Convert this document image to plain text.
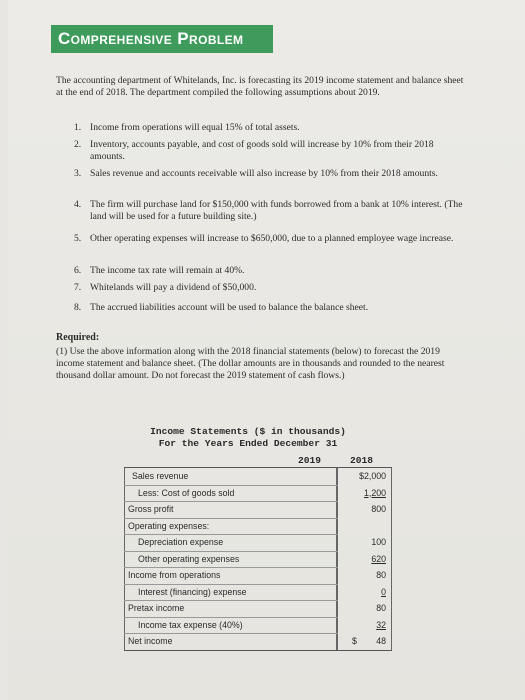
Comprehensive Problem
The accounting department of Whitelands, Inc. is forecasting its 2019 income statement and balance sheet at the end of 2018. The department compiled the following assumptions about 2019.
1. Income from operations will equal 15% of total assets.
2. Inventory, accounts payable, and cost of goods sold will increase by 10% from their 2018 amounts.
3. Sales revenue and accounts receivable will also increase by 10% from their 2018 amounts.
4. The firm will purchase land for $150,000 with funds borrowed from a bank at 10% interest. (The land will be used for a future building site.)
5. Other operating expenses will increase to $650,000, due to a planned employee wage increase.
6. The income tax rate will remain at 40%.
7. Whitelands will pay a dividend of $50,000.
8. The accrued liabilities account will be used to balance the balance sheet.
Required:
(1) Use the above information along with the 2018 financial statements (below) to forecast the 2019 income statement and balance sheet. (The dollar amounts are in thousands and rounded to the nearest thousand dollar amount. Do not forecast the 2019 statement of cash flows.)
Income Statements ($ in thousands)
For the Years Ended December 31
2019	2018
Sales revenue	$2,000
Less: Cost of goods sold	1,200
Gross profit	800
Operating expenses:
Depreciation expense	100
Other operating expenses	620
Income from operations	80
Interest (financing) expense	0
Pretax income	80
Income tax expense (40%)	32
Net income	48
$
